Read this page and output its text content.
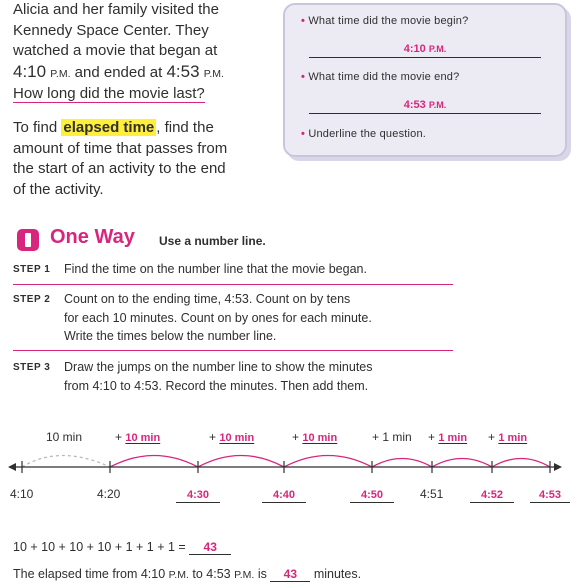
Alicia and her family visited the
Kennedy Space Center. They
watched a movie that began at
4:10 P.M. and ended at 4:53 P.M.
How long did the movie last?
To find elapsed time , find the
amount of time that passes from
the start of an activity to the end
of the activity.
• What time did the movie begin?
4:10 P.M.
• What time did the movie end?
4:53 P.M.
• Underline the question.
One Way Use a number line.
STEP 1 Find the time on the number line that the movie began.
STEP 2 Count on to the ending time, 4:53. Count on by tens
for each 10 minutes. Count on by ones for each minute.
Write the times below the number line.
STEP 3 Draw the jumps on the number line to show the minutes
from 4:10 to 4:53. Record the minutes. Then add them.
10 min	+ 10 min	+ 10 min	+ 10 min	+ 1 min + 1 min + 1 min
4:10	4:20	4:30	4:40	4:50	4:51	4:52	4:53
10 + 10 + 10 + 10 + 1 + 1 + 1 = 43
The elapsed time from 4:10 P.M. to 4:53 P.M. is 43 minutes.
